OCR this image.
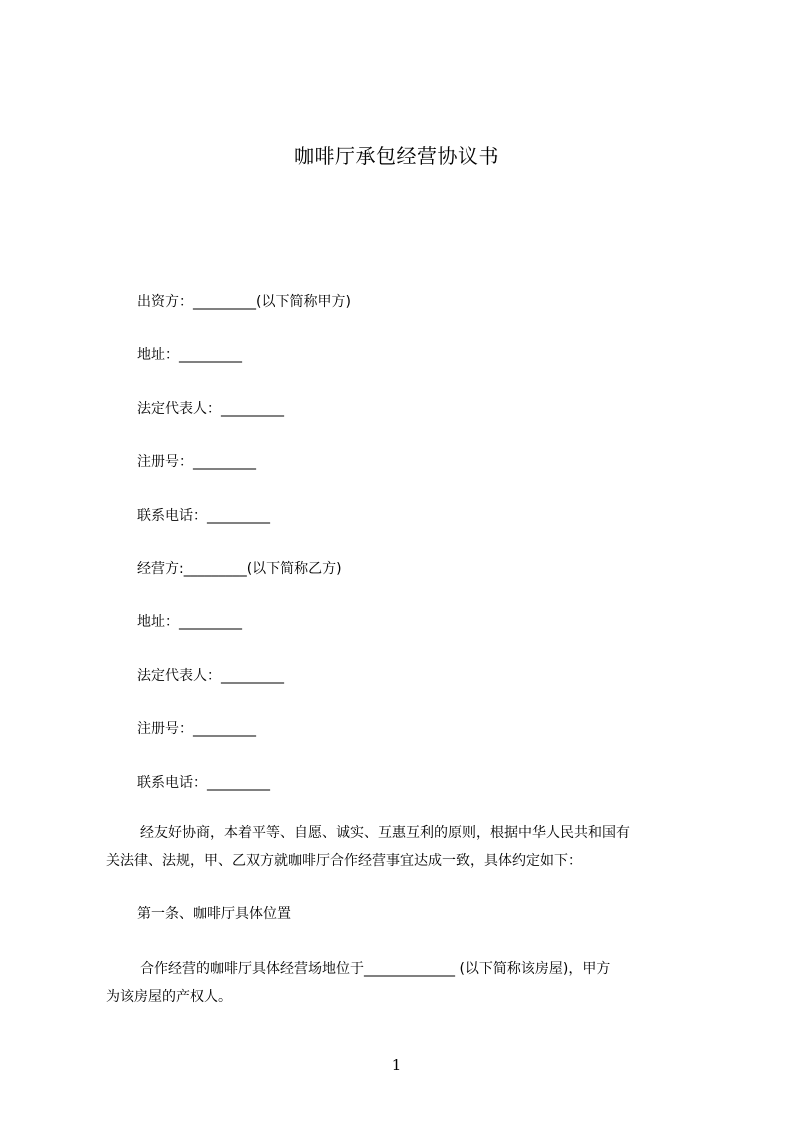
咖啡厅承包经营协议书
出资方：_________(以下简称甲方)
地址：_________
法定代表人：_________
注册号：_________
联系电话：_________
经营方:_________(以下简称乙方)
地址：_________
法定代表人：_________
注册号：_________
联系电话：_________
经友好协商，本着平等、自愿、诚实、互惠互利的原则，根据中华人民共和国有
关法律、法规，甲、乙双方就咖啡厅合作经营事宜达成一致，具体约定如下：
第一条、咖啡厅具体位置
合作经营的咖啡厅具体经营场地位于_____________ (以下简称该房屋)，甲方
为该房屋的产权人。
1
